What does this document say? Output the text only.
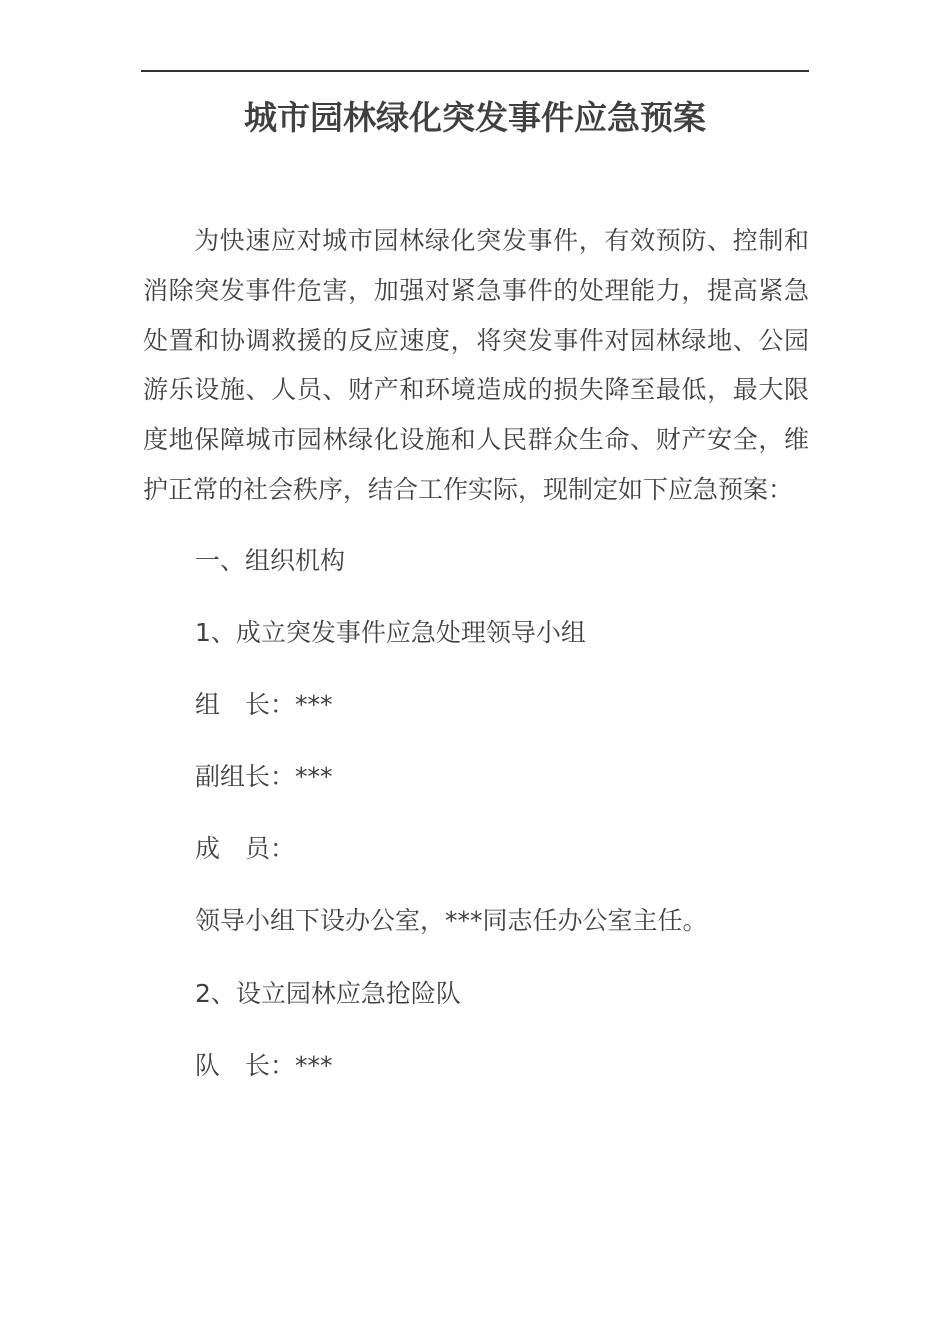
城市园林绿化突发事件应急预案

为快速应对城市园林绿化突发事件，有效预防、控制和消除突发事件危害，加强对紧急事件的处理能力，提高紧急处置和协调救援的反应速度，将突发事件对园林绿地、公园游乐设施、人员、财产和环境造成的损失降至最低，最大限度地保障城市园林绿化设施和人民群众生命、财产安全，维护正常的社会秩序，结合工作实际，现制定如下应急预案：

一、组织机构

1、成立突发事件应急处理领导小组

组　长：***

副组长：***

成　员：

领导小组下设办公室，***同志任办公室主任。

2、设立园林应急抢险队

队　长：***
